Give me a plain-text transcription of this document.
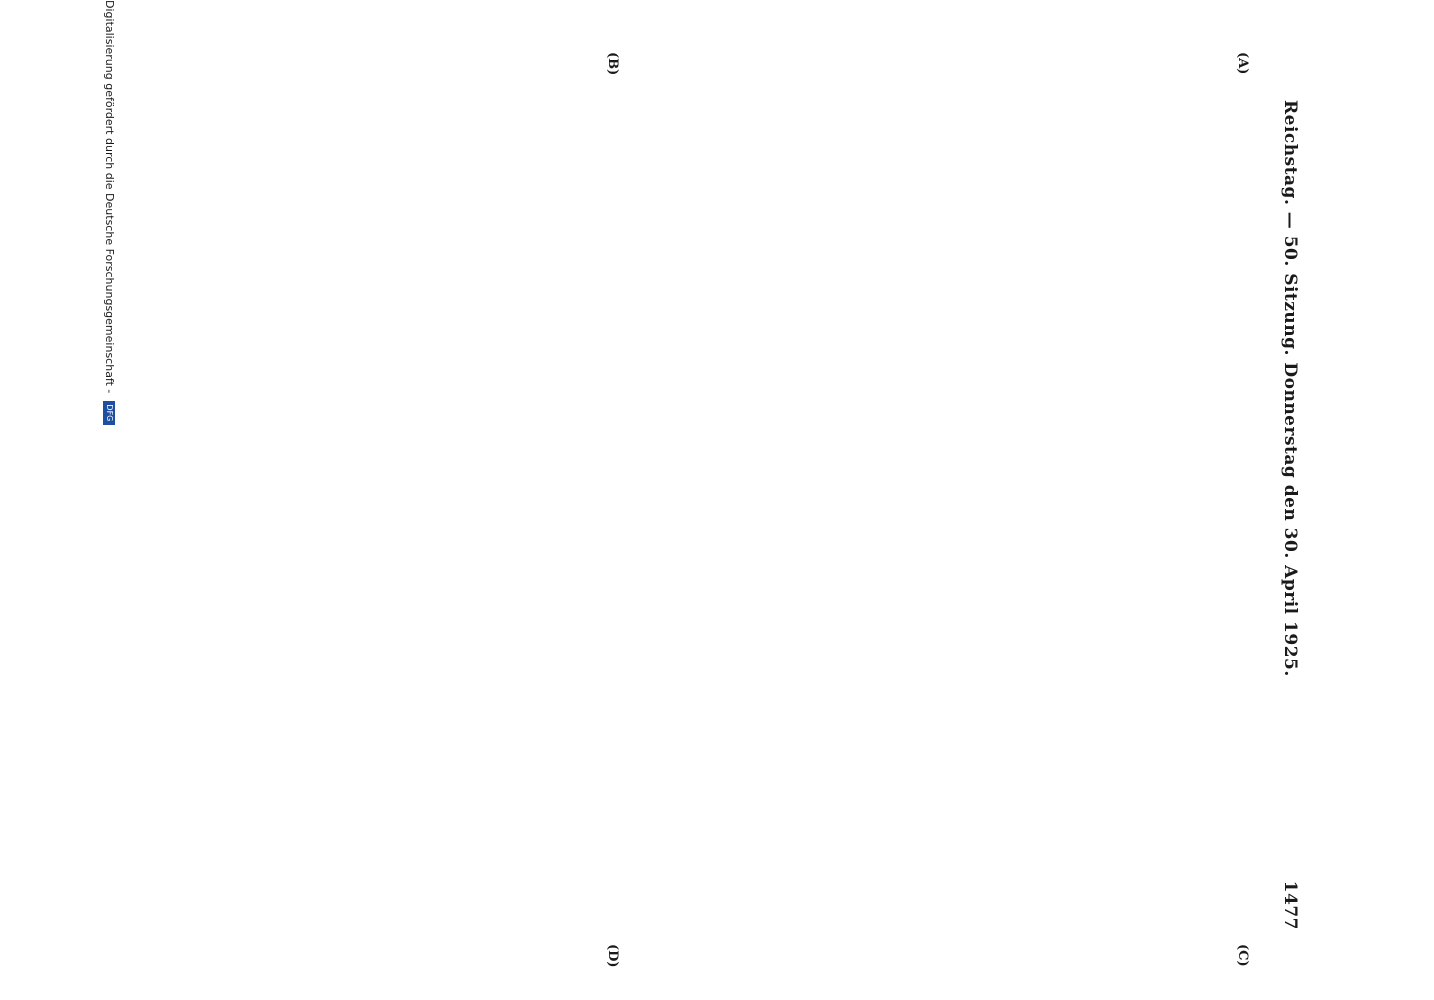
Reichstag. — 50. Sitzung. Donnerstag den 30. April 1925.
1477
(A)
(B)
(C)
(D)

Digitalisierung gefördert durch die Deutsche Forschungsgemeinschaft - DFG
